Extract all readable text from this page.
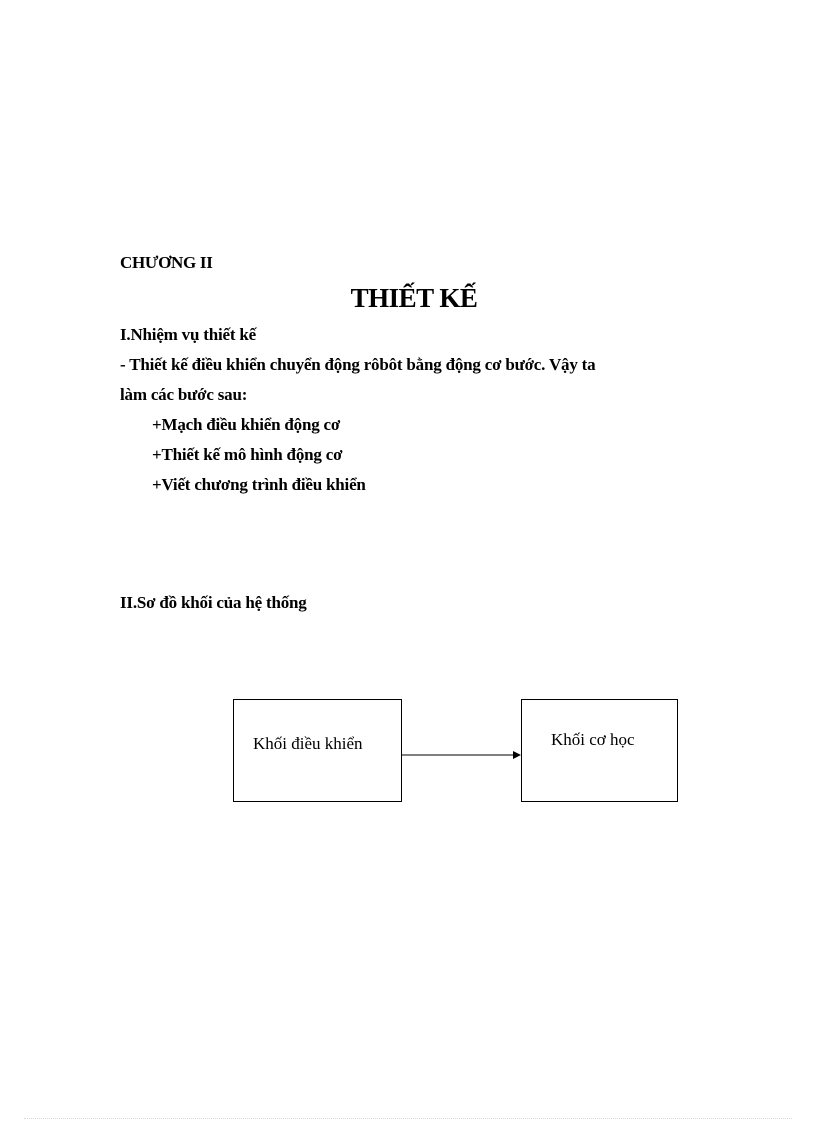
CHƯƠNG II
THIẾT KẾ
I.Nhiệm vụ thiết kế
- Thiết kế điều khiển chuyển động rôbôt bằng động cơ bước. Vậy ta
làm các bước sau:
+Mạch điều khiển động cơ
+Thiết kế mô hình động cơ
+Viết chương trình điều khiển
II.Sơ đồ khối của hệ thống
Khối điều khiển	Khối cơ học
